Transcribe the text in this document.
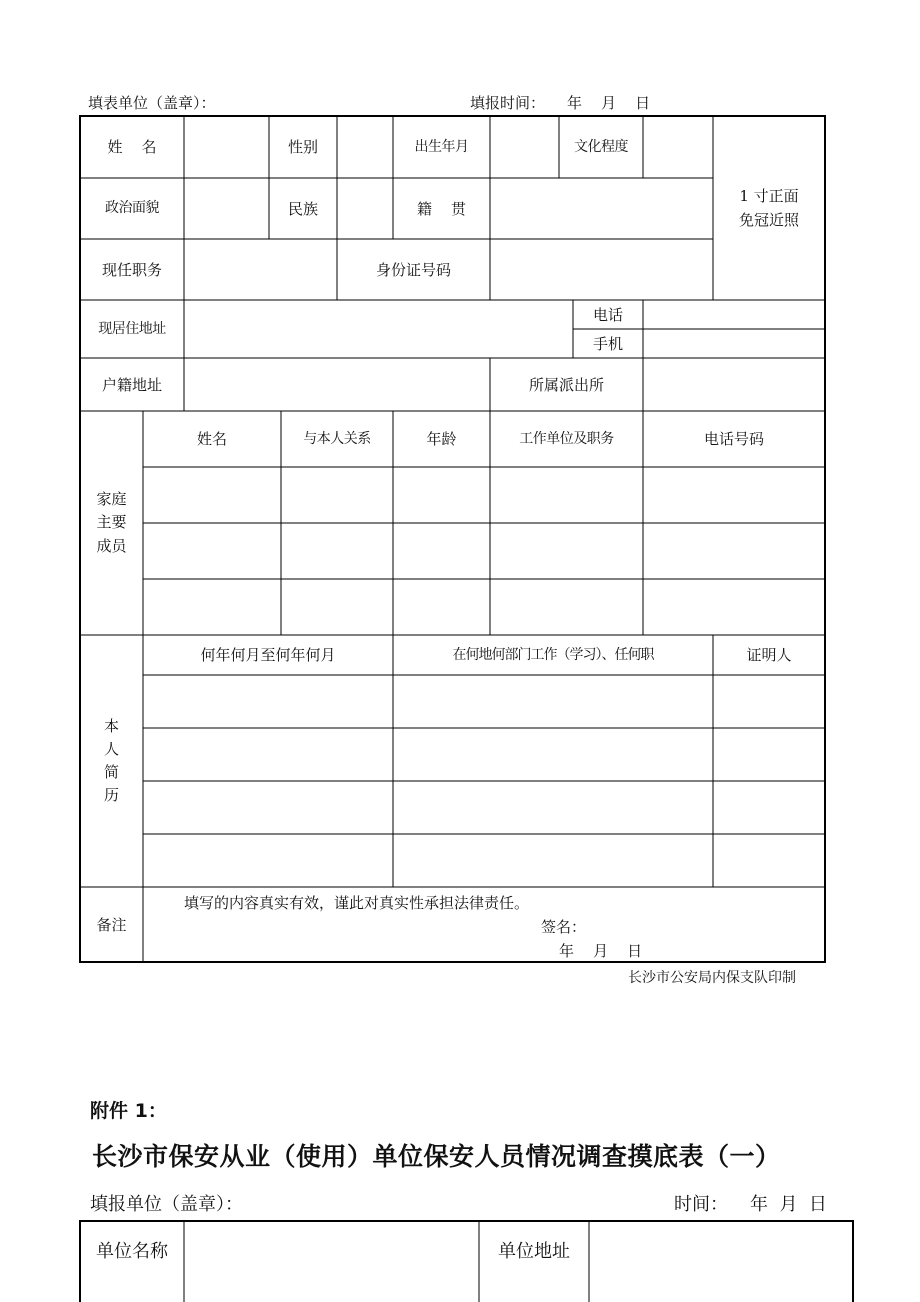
填表单位（盖章）：	填报时间： 年    月    日
姓    名	性别	出生年月	文化程度
1 寸正面
免冠近照
政治面貌	民族	籍    贯
现任职务	身份证号码
现居住地址
电话
手机
户籍地址	所属派出所
家庭
主要
成员
姓名	与本人关系	年龄	工作单位及职务	电话号码
本
人
简
历
何年何月至何年何月	在何地何部门工作（学习）、任何职	证明人
备注
填写的内容真实有效，谨此对真实性承担法律责任。
签名：
年    月    日
长沙市公安局内保支队印制
附件 1：
长沙市保安从业（使用）单位保安人员情况调查摸底表（一）
填报单位（盖章）：	时间： 年  月  日
单位名称	单位地址
